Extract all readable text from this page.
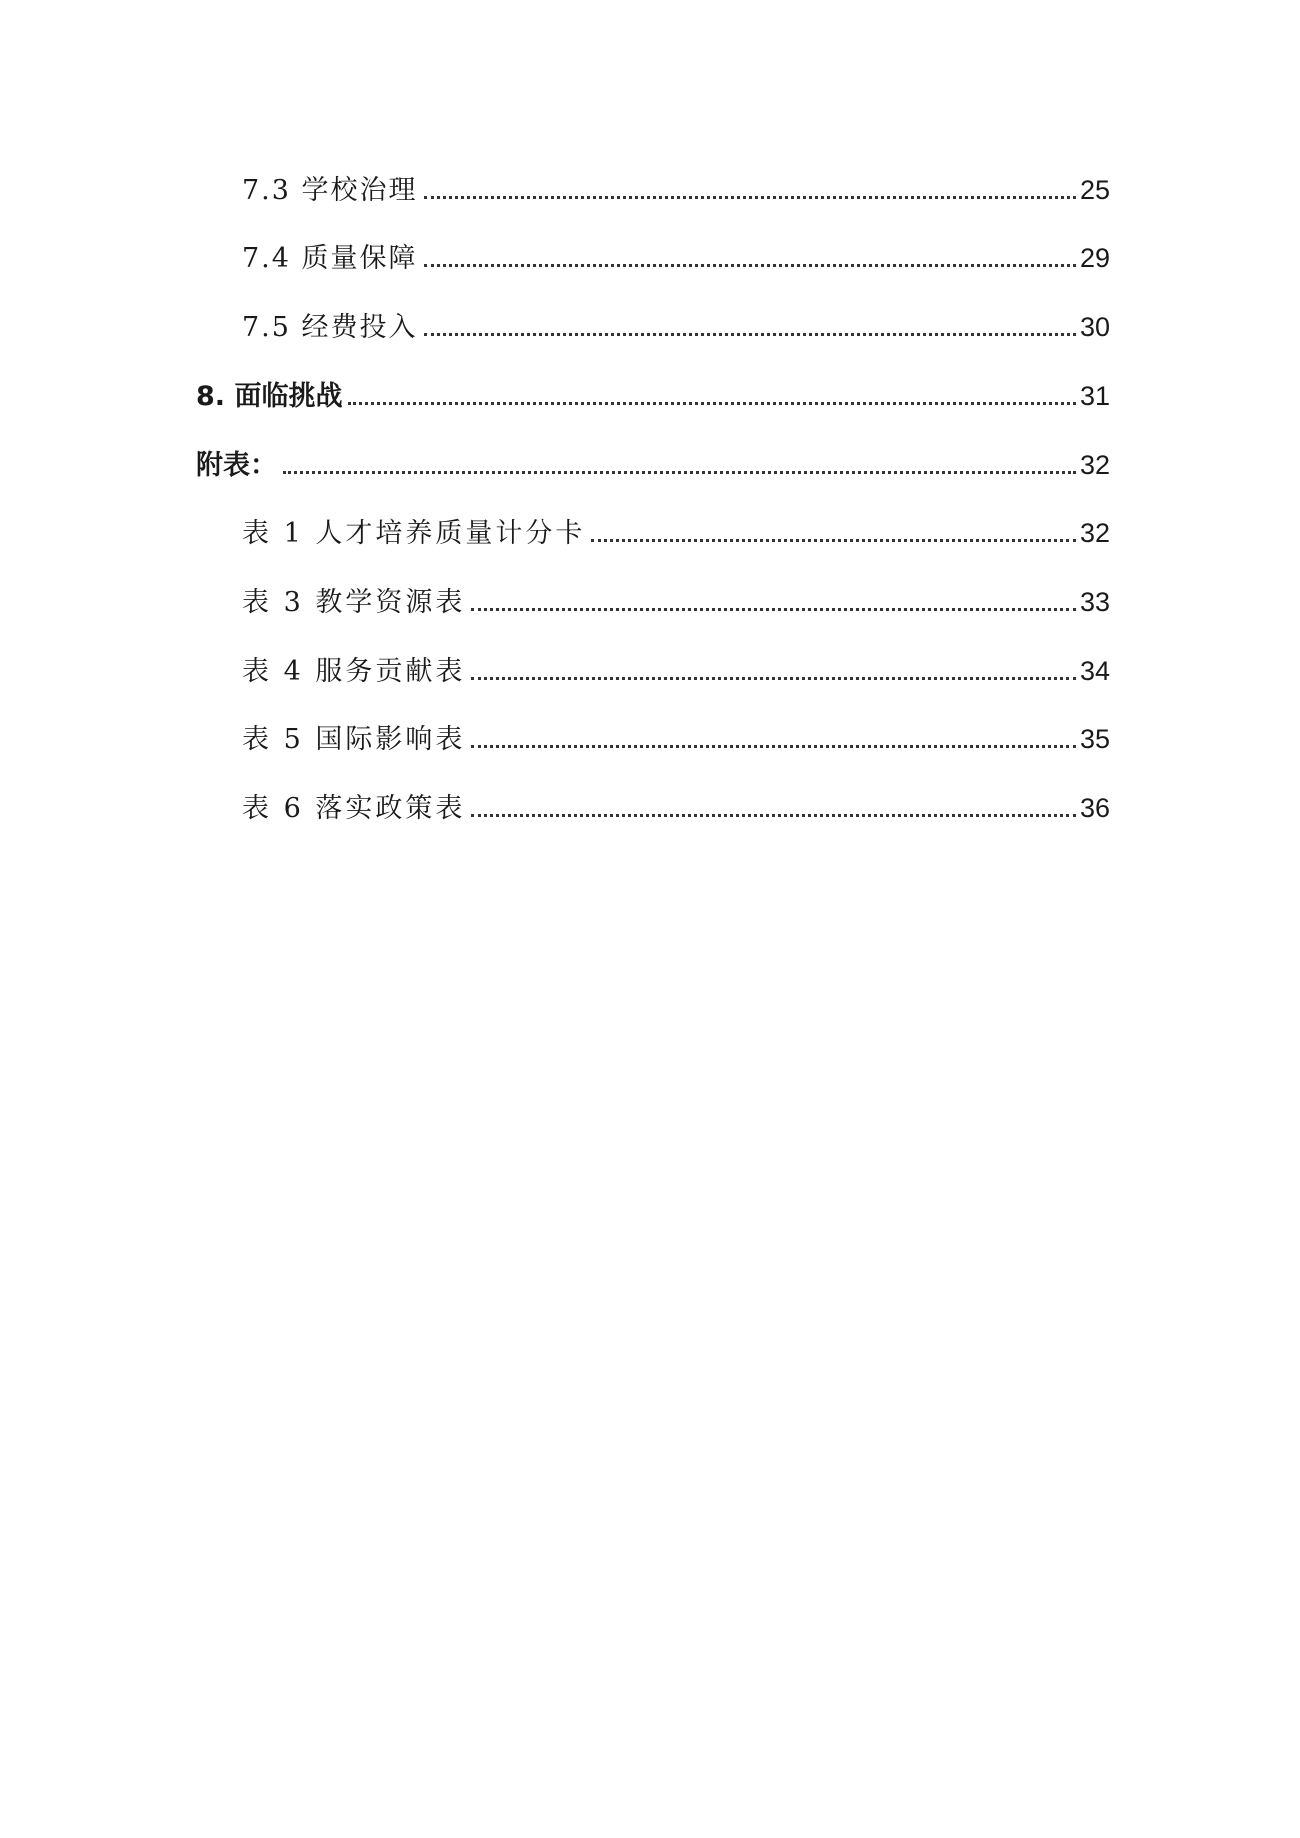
7.3 学校治理	25
7.4 质量保障	29
7.5 经费投入	30
8. 面临挑战	31
附表：	32
表 1 人才培养质量计分卡	32
表 3 教学资源表	33
表 4 服务贡献表	34
表 5 国际影响表	35
表 6 落实政策表	36
